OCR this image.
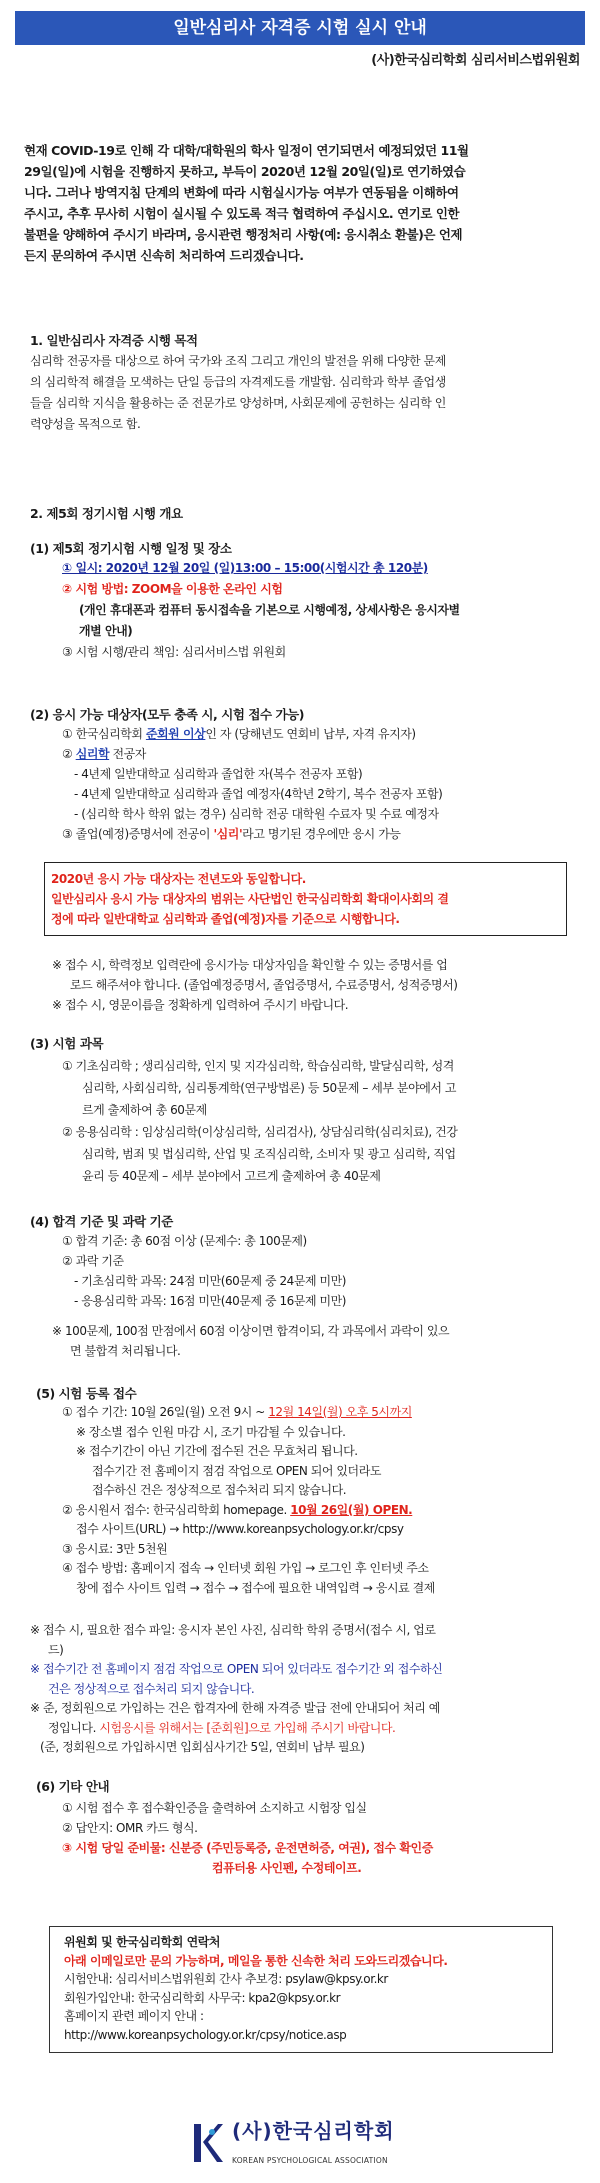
일반심리사 자격증 시험 실시 안내
(사)한국심리학회 심리서비스법위원회
현재 COVID-19로 인해 각 대학/대학원의 학사 일정이 연기되면서 예정되었던 11월
29일(일)에 시험을 진행하지 못하고, 부득이 2020년 12월 20일(일)로 연기하였습
니다. 그러나 방역지침 단계의 변화에 따라 시험실시가능 여부가 연동됨을 이해하여
주시고, 추후 무사히 시험이 실시될 수 있도록 적극 협력하여 주십시오. 연기로 인한
불편을 양해하여 주시기 바라며, 응시관련 행정처리 사항(예: 응시취소 환불)은 언제
든지 문의하여 주시면 신속히 처리하여 드리겠습니다.
1. 일반심리사 자격증 시행 목적
심리학 전공자를 대상으로 하여 국가와 조직 그리고 개인의 발전을 위해 다양한 문제
의 심리학적 해결을 모색하는 단일 등급의 자격제도를 개발함. 심리학과 학부 졸업생
들을 심리학 지식을 활용하는 준 전문가로 양성하며, 사회문제에 공헌하는 심리학 인
력양성을 목적으로 함.
2. 제5회 정기시험 시행 개요
(1) 제5회 정기시험 시행 일정 및 장소
① 일시: 2020년 12월 20일 (일)13:00 – 15:00(시험시간 총 120분)
② 시험 방법: ZOOM을 이용한 온라인 시험
(개인 휴대폰과 컴퓨터 동시접속을 기본으로 시행예정, 상세사항은 응시자별
개별 안내)
③ 시험 시행/관리 책임: 심리서비스법 위원회
(2) 응시 가능 대상자(모두 충족 시, 시험 접수 가능)
① 한국심리학회 준회원 이상인 자 (당해년도 연회비 납부, 자격 유지자)
② 심리학 전공자
- 4년제 일반대학교 심리학과 졸업한 자(복수 전공자 포함)
- 4년제 일반대학교 심리학과 졸업 예정자(4학년 2학기, 복수 전공자 포함)
- (심리학 학사 학위 없는 경우) 심리학 전공 대학원 수료자 및 수료 예정자
③ 졸업(예정)증명서에 전공이 '심리'라고 명기된 경우에만 응시 가능
2020년 응시 가능 대상자는 전년도와 동일합니다.
일반심리사 응시 가능 대상자의 범위는 사단법인 한국심리학회 확대이사회의 결
정에 따라 일반대학교 심리학과 졸업(예정)자를 기준으로 시행합니다.
※ 접수 시, 학력정보 입력란에 응시가능 대상자임을 확인할 수 있는 증명서를 업
로드 해주셔야 합니다. (졸업예정증명서, 졸업증명서, 수료증명서, 성적증명서)
※ 접수 시, 영문이름을 정확하게 입력하여 주시기 바랍니다.
(3) 시험 과목
① 기초심리학 ; 생리심리학, 인지 및 지각심리학, 학습심리학, 발달심리학, 성격
심리학, 사회심리학, 심리통계학(연구방법론) 등 50문제 – 세부 분야에서 고
르게 출제하여 총 60문제
② 응용심리학 : 임상심리학(이상심리학, 심리검사), 상담심리학(심리치료), 건강
심리학, 범죄 및 법심리학, 산업 및 조직심리학, 소비자 및 광고 심리학, 직업
윤리 등 40문제 – 세부 분야에서 고르게 출제하여 총 40문제
(4) 합격 기준 및 과락 기준
① 합격 기준: 총 60점 이상 (문제수: 총 100문제)
② 과락 기준
- 기초심리학 과목: 24점 미만(60문제 중 24문제 미만)
- 응용심리학 과목: 16점 미만(40문제 중 16문제 미만)
※ 100문제, 100점 만점에서 60점 이상이면 합격이되, 각 과목에서 과락이 있으
면 불합격 처리됩니다.
(5) 시험 등록 접수
① 접수 기간: 10월 26일(월) 오전 9시 ~ 12월 14일(월) 오후 5시까지
※ 장소별 접수 인원 마감 시, 조기 마감될 수 있습니다.
※ 접수기간이 아닌 기간에 접수된 건은 무효처리 됩니다.
접수기간 전 홈페이지 점검 작업으로 OPEN 되어 있더라도
접수하신 건은 정상적으로 접수처리 되지 않습니다.
② 응시원서 접수: 한국심리학회 homepage. 10월 26일(월) OPEN.
접수 사이트(URL) → http://www.koreanpsychology.or.kr/cpsy
③ 응시료: 3만 5천원
④ 접수 방법: 홈페이지 접속 → 인터넷 회원 가입 → 로그인 후 인터넷 주소
창에 접수 사이트 입력 → 접수 → 접수에 필요한 내역입력 → 응시료 결제
※ 접수 시, 필요한 접수 파일: 응시자 본인 사진, 심리학 학위 증명서(접수 시, 업로
드)
※ 접수기간 전 홈페이지 점검 작업으로 OPEN 되어 있더라도 접수기간 외 접수하신
건은 정상적으로 접수처리 되지 않습니다.
※ 준, 정회원으로 가입하는 건은 합격자에 한해 자격증 발급 전에 안내되어 처리 예
정입니다. 시험응시를 위해서는 [준회원]으로 가입해 주시기 바랍니다.
(준, 정회원으로 가입하시면 입회심사기간 5일, 연회비 납부 필요)
(6) 기타 안내
① 시험 접수 후 접수확인증을 출력하여 소지하고 시험장 입실
② 답안지: OMR 카드 형식.
③ 시험 당일 준비물: 신분증 (주민등록증, 운전면허증, 여권), 접수 확인증
컴퓨터용 사인펜, 수정테이프.
위원회 및 한국심리학회 연락처
아래 이메일로만 문의 가능하며, 메일을 통한 신속한 처리 도와드리겠습니다.
시험안내: 심리서비스법위원회 간사 추보경: psylaw@kpsy.or.kr
회원가입안내: 한국심리학회 사무국: kpa2@kpsy.or.kr
홈페이지 관련 페이지 안내 :
http://www.koreanpsychology.or.kr/cpsy/notice.asp
(사)한국심리학회
KOREAN PSYCHOLOGICAL ASSOCIATION
